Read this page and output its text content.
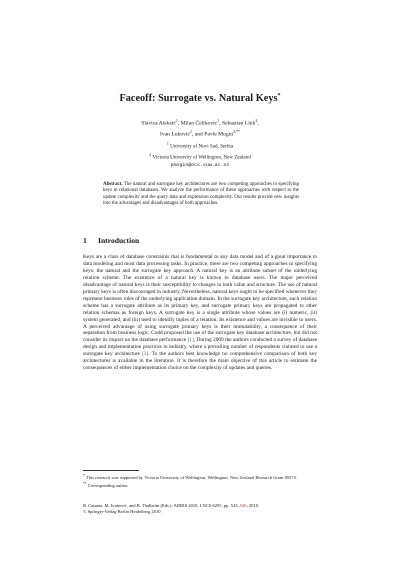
Faceoff: Surrogate vs. Natural Keys*
Slavica Aleksić$^1$, Milan Čeliković$^1$, Sebastian Link$^2$,
Ivan Luković$^1$, and Pavle Mogin$^{2,**}$
$^1$ University of Novi Sad, Serbia
$^2$ Victoria University of Wellington, New Zealand
pmogin@ecs.vuw.ac.nz
Abstract. The natural and surrogate key architectures are two competing approaches to specifying keys in relational databases. We analyze the performance of these approaches with respect to the update complexity and the query data and expression complexity. Our results provide new insights into the advantages and disadvantages of both approaches.
1 Introduction
Keys are a class of database constraints that is fundamental to any data model and of a great importance to data modeling and most data processing tasks. In practice, there are two competing approaches to specifying keys: the natural and the surrogate key approach. A natural key is an attribute subset of the underlying relation scheme. The existence of a natural key is known to database users. The major perceived disadvantage of natural keys is their susceptibility to changes in both value and structure. The use of natural primary keys is often discouraged in industry. Nevertheless, natural keys ought to be specified whenever they represent business rules of the underlying application domain. In the surrogate key architecture, each relation scheme has a surrogate attribute as its primary key, and surrogate primary keys are propagated to other relation schemas as foreign keys. A surrogate key is a single attribute whose values are (i) numeric, (ii) system generated, and (iii) used to identify tuples of a relation. Its existence and values are invisible to users. A perceived advantage of using surrogate primary keys is their immutability, a consequence of their separation from business logic. Codd proposed the use of the surrogate key database architecture, but did not consider its impact on the database performance [1]. During 2009 the authors conducted a survey of database design and implementation practices in industry, where a prevailing number of respondents claimed to use a surrogate key architecture [3]. To the authors best knowledge no comprehensive comparison of both key architectures is available in the literature. It is therefore the main objective of this article to estimate the consequences of either implementation choice on the complexity of updates and queries.
* This research was supported by Victoria University of Wellington, Wellington, New Zealand Research Grant 85575.
** Corresponding author.
B. Catania, M. Ivanović, and B. Thalheim (Eds.): ADBIS 2010, LNCS 6295, pp. 543–546, 2010.
© Springer-Verlag Berlin Heidelberg 2010
